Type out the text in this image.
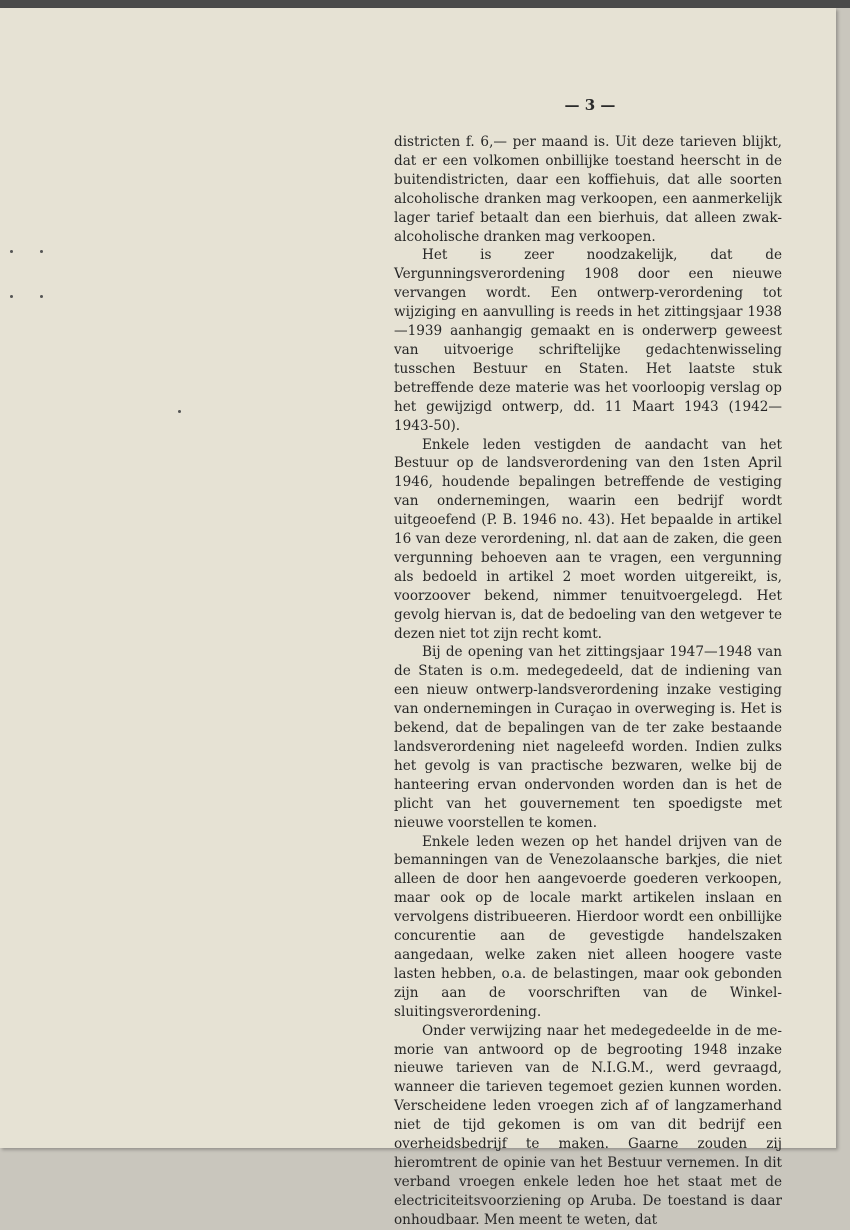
— 3 —

districten f. 6,— per maand is. Uit deze tarieven blijkt, dat er een volkomen onbillijke toestand heerscht in de buitendistricten, daar een koffiehuis, dat alle soorten alcoholische dranken mag verkoopen, een aanmerkelijk lager tarief betaalt dan een bierhuis, dat alleen zwak-alcoholische dranken mag verkoopen.

Het is zeer noodzakelijk, dat de Vergunningsverordening 1908 door een nieuwe vervangen wordt. Een ontwerp-verordening tot wijziging en aanvulling is reeds in het zittingsjaar 1938—1939 aanhangig gemaakt en is onderwerp geweest van uitvoerige schriftelijke gedachtenwisseling tusschen Bestuur en Staten. Het laatste stuk betreffende deze materie was het voorloopig verslag op het gewijzigd ontwerp, dd. 11 Maart 1943 (1942—1943-50).

Enkele leden vestigden de aandacht van het Bestuur op de landsverordening van den 1sten April 1946, houdende bepalingen betreffende de vestiging van ondernemingen, waarin een bedrijf wordt uitgeoefend (P. B. 1946 no. 43). Het bepaalde in artikel 16 van deze verordening, nl. dat aan de zaken, die geen vergunning behoeven aan te vragen, een vergunning als bedoeld in artikel 2 moet worden uitgereikt, is, voorzoover bekend, nimmer tenuitvoergelegd. Het gevolg hiervan is, dat de bedoeling van den wetgever te dezen niet tot zijn recht komt.

Bij de opening van het zittingsjaar 1947—1948 van de Staten is o.m. medegedeeld, dat de indiening van een nieuw ontwerp-landsverordening inzake vestiging van ondernemingen in Curaçao in overweging is. Het is bekend, dat de bepalingen van de ter zake bestaande landsverordening niet nageleefd worden. Indien zulks het gevolg is van practische bezwaren, welke bij de hanteering ervan ondervonden worden dan is het de plicht van het gouvernement ten spoedigste met nieuwe voorstellen te komen.

Enkele leden wezen op het handel drijven van de bemanningen van de Venezolaansche barkjes, die niet alleen de door hen aangevoerde goederen verkoopen, maar ook op de locale markt artikelen inslaan en vervolgens distribueeren. Hierdoor wordt een onbillijke concurentie aan de gevestigde handelszaken aangedaan, welke zaken niet alleen hoogere vaste lasten hebben, o.a. de belastingen, maar ook gebonden zijn aan de voorschriften van de Winkelsluitingsverordening.

Onder verwijzing naar het medegedeelde in de memorie van antwoord op de begrooting 1948 inzake nieuwe tarieven van de N.I.G.M., werd gevraagd, wanneer die tarieven tegemoet gezien kunnen worden. Verscheidene leden vroegen zich af of langzamerhand niet de tijd gekomen is om van dit bedrijf een overheidsbedrijf te maken. Gaarne zouden zij hieromtrent de opinie van het Bestuur vernemen. In dit verband vroegen enkele leden hoe het staat met de electriciteitsvoorziening op Aruba. De toestand is daar onhoudbaar. Men meent te weten, dat
